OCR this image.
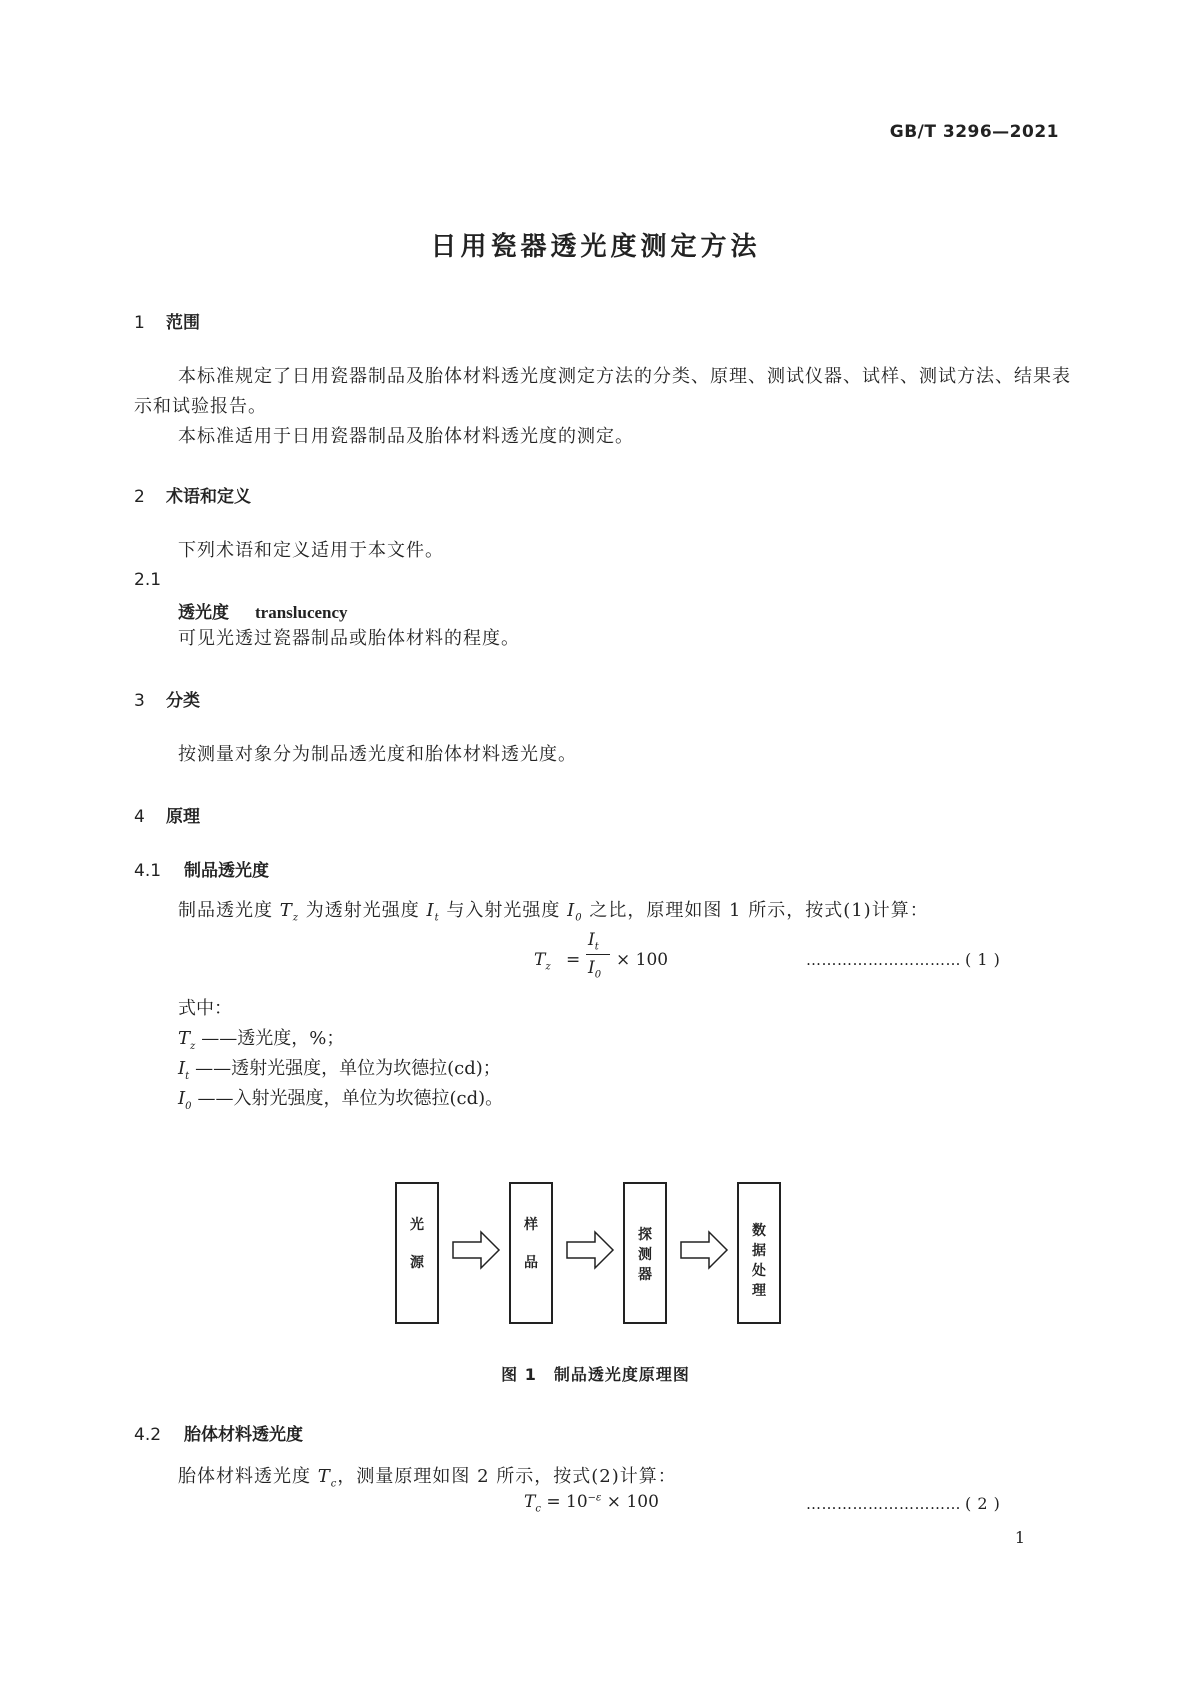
GB/T 3296—2021
日用瓷器透光度测定方法
1 范围
本标准规定了日用瓷器制品及胎体材料透光度测定方法的分类、原理、测试仪器、试样、测试方法、结果表示和试验报告。
本标准适用于日用瓷器制品及胎体材料透光度的测定。
2 术语和定义
下列术语和定义适用于本文件。
2.1
透光度 translucency
可见光透过瓷器制品或胎体材料的程度。
3 分类
按测量对象分为制品透光度和胎体材料透光度。
4 原理
4.1 制品透光度
制品透光度 $T_z$ 为透射光强度 $I_t$ 与入射光强度 $I_0$ 之比，原理如图 1 所示，按式(1)计算：
$T_z$ =
$I_t$
$I_0$
× 100	………………………… ( 1 )
式中：
$T_z$ ——透光度，%；
$I_t$ ——透射光强度，单位为坎德拉(cd)；
$I_0$ ——入射光强度，单位为坎德拉(cd)。
光
源
样
品
探
测
器
数
据
处
理
图 1　制品透光度原理图
4.2 胎体材料透光度
胎体材料透光度 $T_c$，测量原理如图 2 所示，按式(2)计算：
$T_c = 10^{-\varepsilon} \times 100$	………………………… ( 2 )
1
